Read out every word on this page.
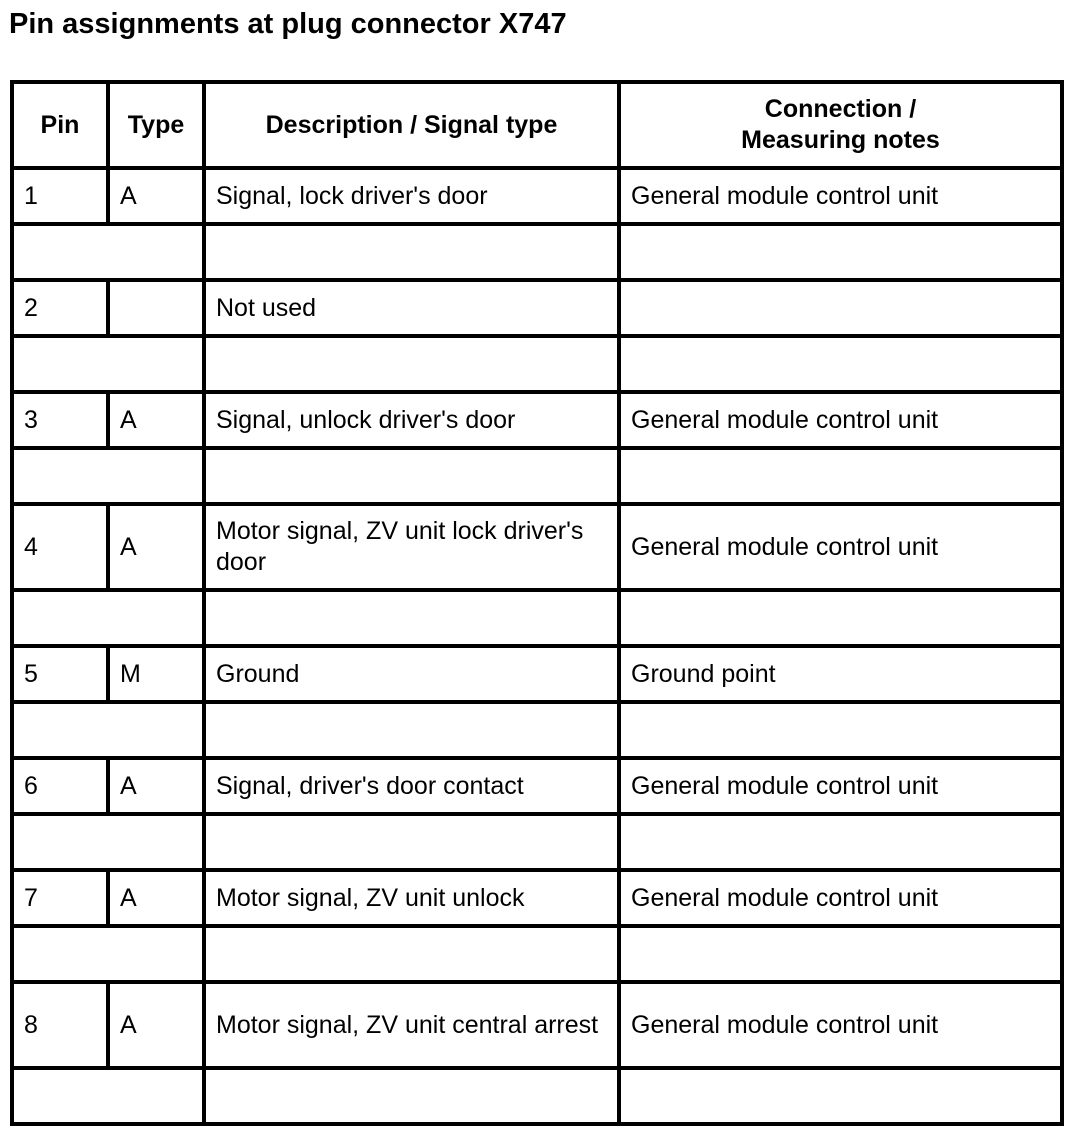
Pin assignments at plug connector X747
Pin	Type	Description / Signal type	Connection /
Measuring notes

1	A	Signal, lock driver's door	General module control unit

2		Not used	

3	A	Signal, unlock driver's door	General module control unit

4	A	Motor signal, ZV unit lock driver's door	General module control unit

5	M	Ground	Ground point

6	A	Signal, driver's door contact	General module control unit

7	A	Motor signal, ZV unit unlock	General module control unit

8	A	Motor signal, ZV unit central arrest	General module control unit
